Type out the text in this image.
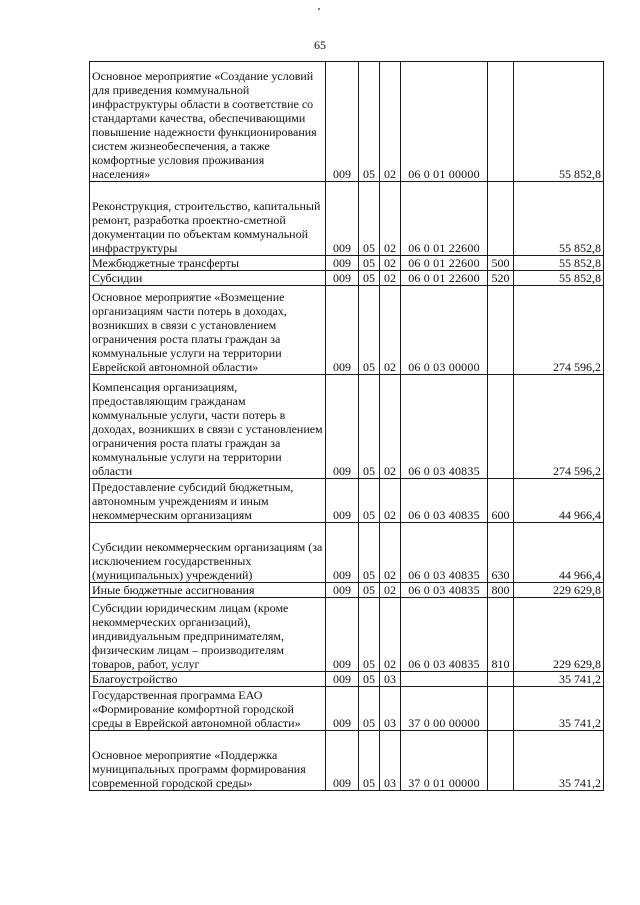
65
Основное мероприятие «Создание условий для приведения коммунальной инфраструктуры области в соответствие со стандартами качества, обеспечивающими повышение надежности функционирования систем жизнеобеспечения, а также комфортные условия проживания населения»	009	05	02	06 0 01 00000		55 852,8
Реконструкция, строительство, капитальный ремонт, разработка проектно-сметной документации по объектам коммунальной инфраструктуры	009	05	02	06 0 01 22600		55 852,8
Межбюджетные трансферты	009	05	02	06 0 01 22600	500	55 852,8
Субсидии	009	05	02	06 0 01 22600	520	55 852,8
Основное мероприятие «Возмещение организациям части потерь в доходах, возникших в связи с установлением ограничения роста платы граждан за коммунальные услуги на территории Еврейской автономной области»	009	05	02	06 0 03 00000		274 596,2
Компенсация организациям, предоставляющим гражданам коммунальные услуги, части потерь в доходах, возникших в связи с установлением ограничения роста платы граждан за коммунальные услуги на территории области	009	05	02	06 0 03 40835		274 596,2
Предоставление субсидий бюджетным, автономным учреждениям и иным некоммерческим организациям	009	05	02	06 0 03 40835	600	44 966,4
Субсидии некоммерческим организациям (за исключением государственных (муниципальных) учреждений)	009	05	02	06 0 03 40835	630	44 966,4
Иные бюджетные ассигнования	009	05	02	06 0 03 40835	800	229 629,8
Субсидии юридическим лицам (кроме некоммерческих организаций), индивидуальным предпринимателям, физическим лицам – производителям товаров, работ, услуг	009	05	02	06 0 03 40835	810	229 629,8
Благоустройство	009	05	03			35 741,2
Государственная программа ЕАО «Формирование комфортной городской среды в Еврейской автономной области»	009	05	03	37 0 00 00000		35 741,2
Основное мероприятие «Поддержка муниципальных программ формирования современной городской среды»	009	05	03	37 0 01 00000		35 741,2
